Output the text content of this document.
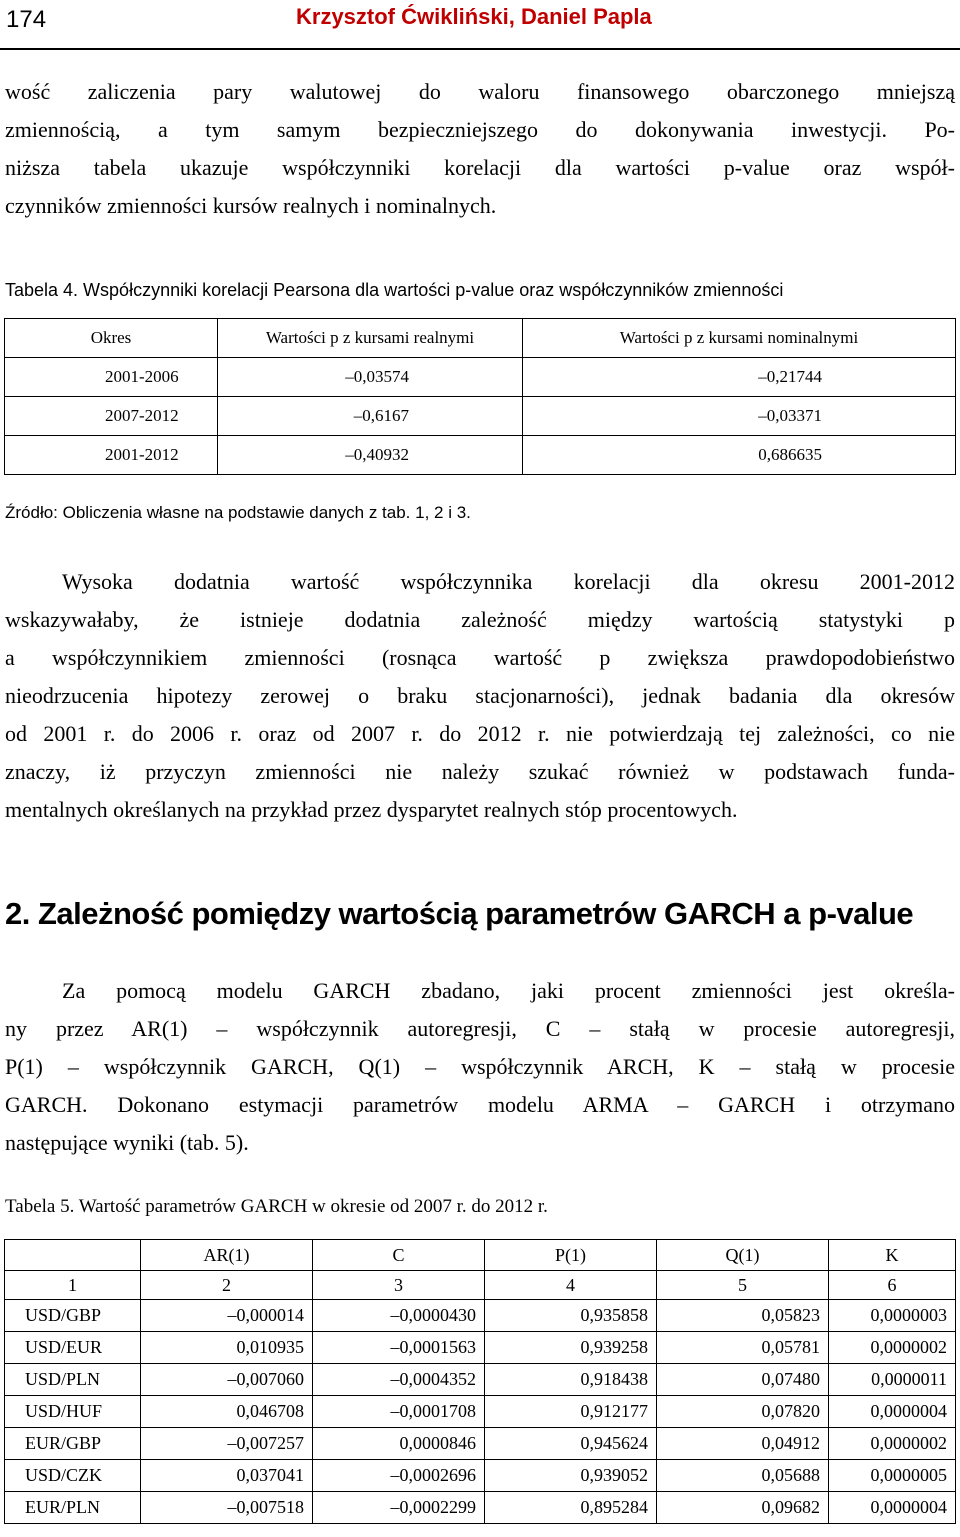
174	Krzysztof Ćwikliński, Daniel Papla

wość zaliczenia pary walutowej do waloru finansowego obarczonego mniejszą
zmiennością, a tym samym bezpieczniejszego do dokonywania inwestycji. Po-
niższa tabela ukazuje współczynniki korelacji dla wartości p-value oraz współ-
czynników zmienności kursów realnych i nominalnych.

Tabela 4. Współczynniki korelacji Pearsona dla wartości p-value oraz współczynników zmienności

Okres	Wartości p z kursami realnymi	Wartości p z kursami nominalnymi
2001-2006	–0,03574	–0,21744
2007-2012	–0,6167	–0,03371
2001-2012	–0,40932	0,686635

Źródło: Obliczenia własne na podstawie danych z tab. 1, 2 i 3.

Wysoka dodatnia wartość współczynnika korelacji dla okresu 2001-2012
wskazywałaby, że istnieje dodatnia zależność między wartością statystyki p
a współczynnikiem zmienności (rosnąca wartość p zwiększa prawdopodobieństwo
nieodrzucenia hipotezy zerowej o braku stacjonarności), jednak badania dla okresów
od 2001 r. do 2006 r. oraz od 2007 r. do 2012 r. nie potwierdzają tej zależności, co nie
znaczy, iż przyczyn zmienności nie należy szukać również w podstawach funda-
mentalnych określanych na przykład przez dysparytet realnych stóp procentowych.

2. Zależność pomiędzy wartością parametrów GARCH a p-value

Za pomocą modelu GARCH zbadano, jaki procent zmienności jest określa-
ny przez AR(1) – współczynnik autoregresji, C – stałą w procesie autoregresji,
P(1) – współczynnik GARCH, Q(1) – współczynnik ARCH, K – stałą w procesie
GARCH. Dokonano estymacji parametrów modelu ARMA – GARCH i otrzymano
następujące wyniki (tab. 5).

Tabela 5. Wartość parametrów GARCH w okresie od 2007 r. do 2012 r.

	AR(1)	C	P(1)	Q(1)	K
1	2	3	4	5	6
USD/GBP	–0,000014	–0,0000430	0,935858	0,05823	0,0000003
USD/EUR	0,010935	–0,0001563	0,939258	0,05781	0,0000002
USD/PLN	–0,007060	–0,0004352	0,918438	0,07480	0,0000011
USD/HUF	0,046708	–0,0001708	0,912177	0,07820	0,0000004
EUR/GBP	–0,007257	0,0000846	0,945624	0,04912	0,0000002
USD/CZK	0,037041	–0,0002696	0,939052	0,05688	0,0000005
EUR/PLN	–0,007518	–0,0002299	0,895284	0,09682	0,0000004
